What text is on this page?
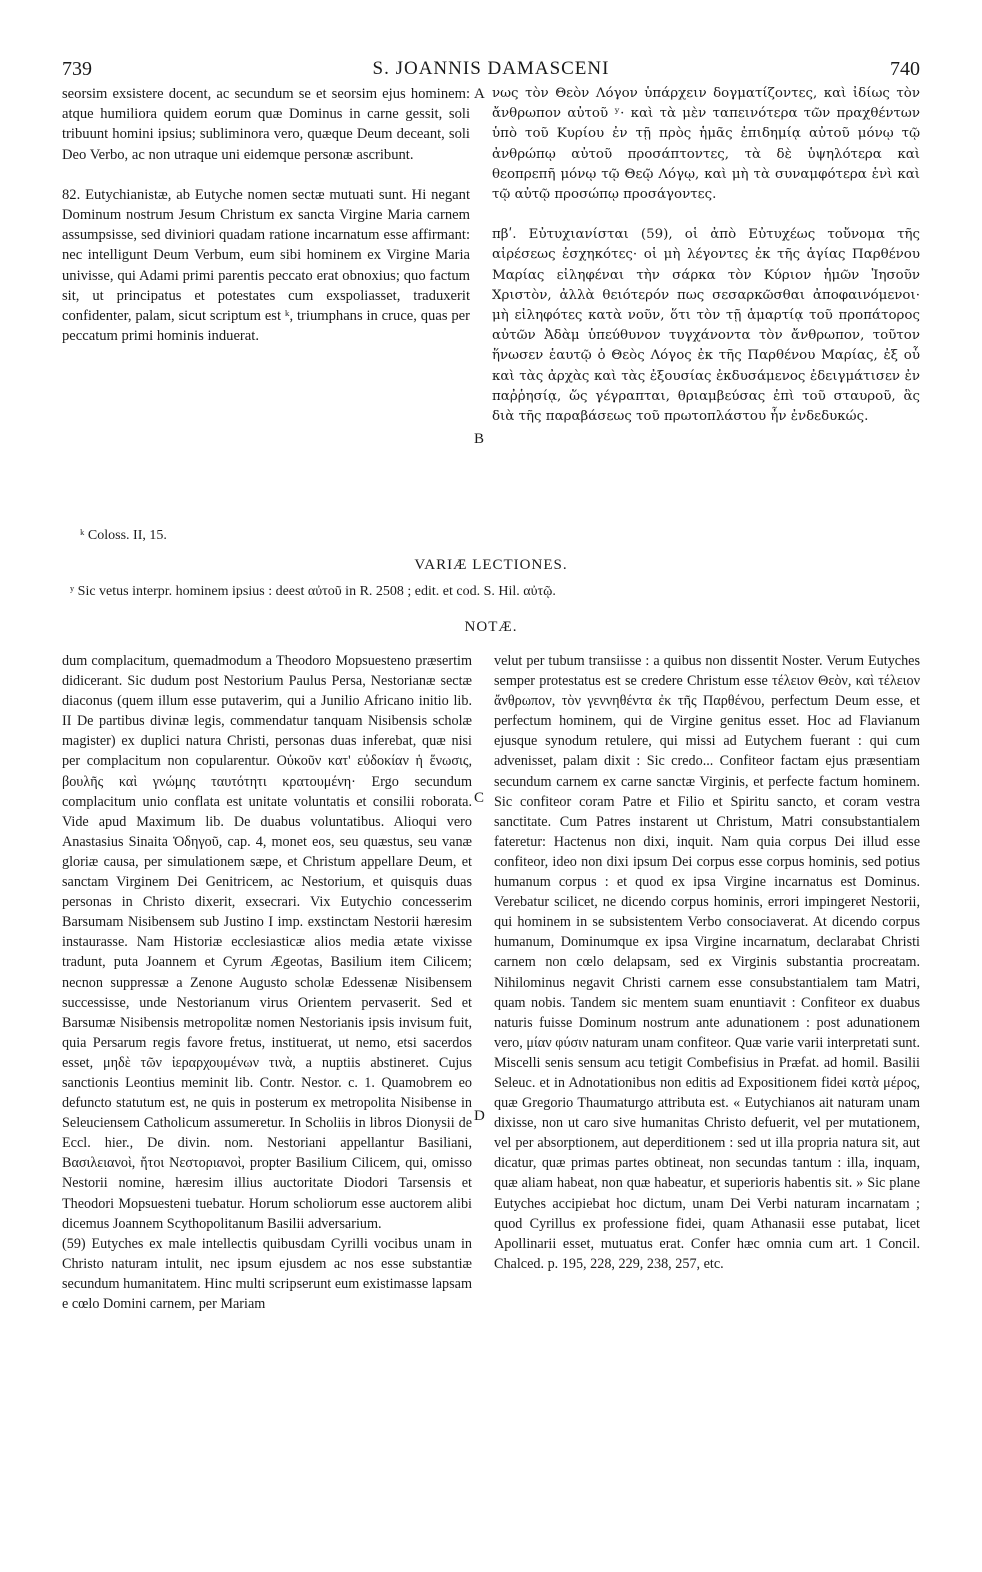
739	S. JOANNIS DAMASCENI	740

seorsim exsistere docent, ac secundum se et seorsim ejus hominem: atque humiliora quidem eorum quæ Dominus in carne gessit, soli tribuunt homini ipsius; subliminora vero, quæque Deum deceant, soli Deo Verbo, ac non utraque uni eidemque personæ ascribunt.

82. Eutychianistæ, ab Eutyche nomen sectæ mutuati sunt. Hi negant Dominum nostrum Jesum Christum ex sancta Virgine Maria carnem assumpsisse, sed diviniori quadam ratione incarnatum esse affirmant: nec intelligunt Deum Verbum, eum sibi hominem ex Virgine Maria univisse, qui Adami primi parentis peccato erat obnoxius; quo factum sit, ut principatus et potestates cum exspoliasset, traduxerit confidenter, palam, sicut scriptum est ᵏ, triumphans in cruce, quas per peccatum primi hominis induerat.

νως τὸν Θεὸν Λόγον ὑπάρχειν δογματίζοντες, καὶ ἰδίως τὸν ἄνθρωπον αὐτοῦ ʸ· καὶ τὰ μὲν ταπεινότερα τῶν πραχθέντων ὑπὸ τοῦ Κυρίου ἐν τῇ πρὸς ἡμᾶς ἐπιδημίᾳ αὐτοῦ μόνῳ τῷ ἀνθρώπῳ αὐτοῦ προσάπτοντες, τὰ δὲ ὑψηλότερα καὶ θεοπρεπῆ μόνῳ τῷ Θεῷ Λόγῳ, καὶ μὴ τὰ συναμφότερα ἑνὶ καὶ τῷ αὐτῷ προσώπῳ προσάγοντες.

πβʹ. Εὐτυχιανίσται (59), οἱ ἀπὸ Εὐτυχέως τοὔνομα τῆς αἱρέσεως ἐσχηκότες· οἱ μὴ λέγοντες ἐκ τῆς ἁγίας Παρθένου Μαρίας εἰληφέναι τὴν σάρκα τὸν Κύριον ἡμῶν Ἰησοῦν Χριστὸν, ἀλλὰ θειότερόν πως σεσαρκῶσθαι ἀποφαινόμενοι· μὴ εἰληφότες κατὰ νοῦν, ὅτι τὸν τῇ ἁμαρτίᾳ τοῦ προπάτορος αὐτῶν Ἀδὰμ ὑπεύθυνον τυγχάνοντα τὸν ἄνθρωπον, τοῦτον ἥνωσεν ἑαυτῷ ὁ Θεὸς Λόγος ἐκ τῆς Παρθένου Μαρίας, ἐξ οὗ καὶ τὰς ἀρχὰς καὶ τὰς ἐξουσίας ἐκδυσάμενος ἐδειγμάτισεν ἐν παῤῥησίᾳ, ὥς γέγραπται, θριαμβεύσας ἐπὶ τοῦ σταυροῦ, ἃς διὰ τῆς παραβάσεως τοῦ πρωτοπλάστου ἦν ἐνδεδυκώς.

A
B
C
D
ᵏ Coloss. II, 15.
VARIÆ LECTIONES.
ʸ Sic vetus interpr. hominem ipsius : deest αὐτοῦ in R. 2508 ; edit. et cod. S. Hil. αὐτῷ.
NOTÆ.

dum complacitum, quemadmodum a Theodoro Mopsuesteno præsertim didicerant. Sic dudum post Nestorium Paulus Persa, Nestorianæ sectæ diaconus (quem illum esse putaverim, qui a Junilio Africano initio lib. II De partibus divinæ legis, commendatur tanquam Nisibensis scholæ magister) ex duplici natura Christi, personas duas inferebat, quæ nisi per complacitum non copularentur. Οὐκοῦν κατ' εὐδοκίαν ἡ ἕνωσις, βουλῆς καὶ γνώμης ταυτότητι κρατουμένη· Ergo secundum complacitum unio conflata est unitate voluntatis et consilii roborata. Vide apud Maximum lib. De duabus voluntatibus. Alioqui vero Anastasius Sinaita Ὁδηγοῦ, cap. 4, monet eos, seu quæstus, seu vanæ gloriæ causa, per simulationem sæpe, et Christum appellare Deum, et sanctam Virginem Dei Genitricem, ac Nestorium, et quisquis duas personas in Christo dixerit, exsecrari. Vix Eutychio concesserim Barsumam Nisibensem sub Justino I imp. exstinctam Nestorii hæresim instaurasse. Nam Historiæ ecclesiasticæ alios media ætate vixisse tradunt, puta Joannem et Cyrum Ægeotas, Basilium item Cilicem; necnon suppressæ a Zenone Augusto scholæ Edessenæ Nisibensem successisse, unde Nestorianum virus Orientem pervaserit. Sed et Barsumæ Nisibensis metropolitæ nomen Nestorianis ipsis invisum fuit, quia Persarum regis favore fretus, instituerat, ut nemo, etsi sacerdos esset, μηδὲ τῶν ἱεραρχουμένων τινὰ, a nuptiis abstineret. Cujus sanctionis Leontius meminit lib. Contr. Nestor. c. 1. Quamobrem eo defuncto statutum est, ne quis in posterum ex metropolita Nisibense in Seleuciensem Catholicum assumeretur. In Scholiis in libros Dionysii de Eccl. hier., De divin. nom. Nestoriani appellantur Basiliani, Βασιλειανοὶ, ἤτοι Νεστοριανοὶ, propter Basilium Cilicem, qui, omisso Nestorii nomine, hæresim illius auctoritate Diodori Tarsensis et Theodori Mopsuesteni tuebatur. Horum scholiorum esse auctorem alibi dicemus Joannem Scythopolitanum Basilii adversarium.

(59) Eutyches ex male intellectis quibusdam Cyrilli vocibus unam in Christo naturam intulit, nec ipsum ejusdem ac nos esse substantiæ secundum humanitatem. Hinc multi scripserunt eum existimasse lapsam e cœlo Domini carnem, per Mariam

velut per tubum transiisse : a quibus non dissentit Noster. Verum Eutyches semper protestatus est se credere Christum esse τέλειον Θεὸν, καὶ τέλειον ἄνθρωπον, τὸν γεννηθέντα ἐκ τῆς Παρθένου, perfectum Deum esse, et perfectum hominem, qui de Virgine genitus esset. Hoc ad Flavianum ejusque synodum retulere, qui missi ad Eutychem fuerant : qui cum advenisset, palam dixit : Sic credo... Confiteor factam ejus præsentiam secundum carnem ex carne sanctæ Virginis, et perfecte factum hominem. Sic confiteor coram Patre et Filio et Spiritu sancto, et coram vestra sanctitate. Cum Patres instarent ut Christum, Matri consubstantialem fateretur: Hactenus non dixi, inquit. Nam quia corpus Dei illud esse confiteor, ideo non dixi ipsum Dei corpus esse corpus hominis, sed potius humanum corpus : et quod ex ipsa Virgine incarnatus est Dominus. Verebatur scilicet, ne dicendo corpus hominis, errori impingeret Nestorii, qui hominem in se subsistentem Verbo consociaverat. At dicendo corpus humanum, Dominumque ex ipsa Virgine incarnatum, declarabat Christi carnem non cœlo delapsam, sed ex Virginis substantia procreatam. Nihilominus negavit Christi carnem esse consubstantialem tam Matri, quam nobis. Tandem sic mentem suam enuntiavit : Confiteor ex duabus naturis fuisse Dominum nostrum ante adunationem : post adunationem vero, μίαν φύσιν naturam unam confiteor. Quæ varie varii interpretati sunt. Miscelli senis sensum acu tetigit Combefisius in Præfat. ad homil. Basilii Seleuc. et in Adnotationibus non editis ad Expositionem fidei κατὰ μέρος, quæ Gregorio Thaumaturgo attributa est. « Eutychianos ait naturam unam dixisse, non ut caro sive humanitas Christo defuerit, vel per mutationem, vel per absorptionem, aut deperditionem : sed ut illa propria natura sit, aut dicatur, quæ primas partes obtineat, non secundas tantum : illa, inquam, quæ aliam habeat, non quæ habeatur, et superioris habentis sit. » Sic plane Eutyches accipiebat hoc dictum, unam Dei Verbi naturam incarnatam ; quod Cyrillus ex professione fidei, quam Athanasii esse putabat, licet Apollinarii esset, mutuatus erat. Confer hæc omnia cum art. 1 Concil. Chalced. p. 195, 228, 229, 238, 257, etc.
